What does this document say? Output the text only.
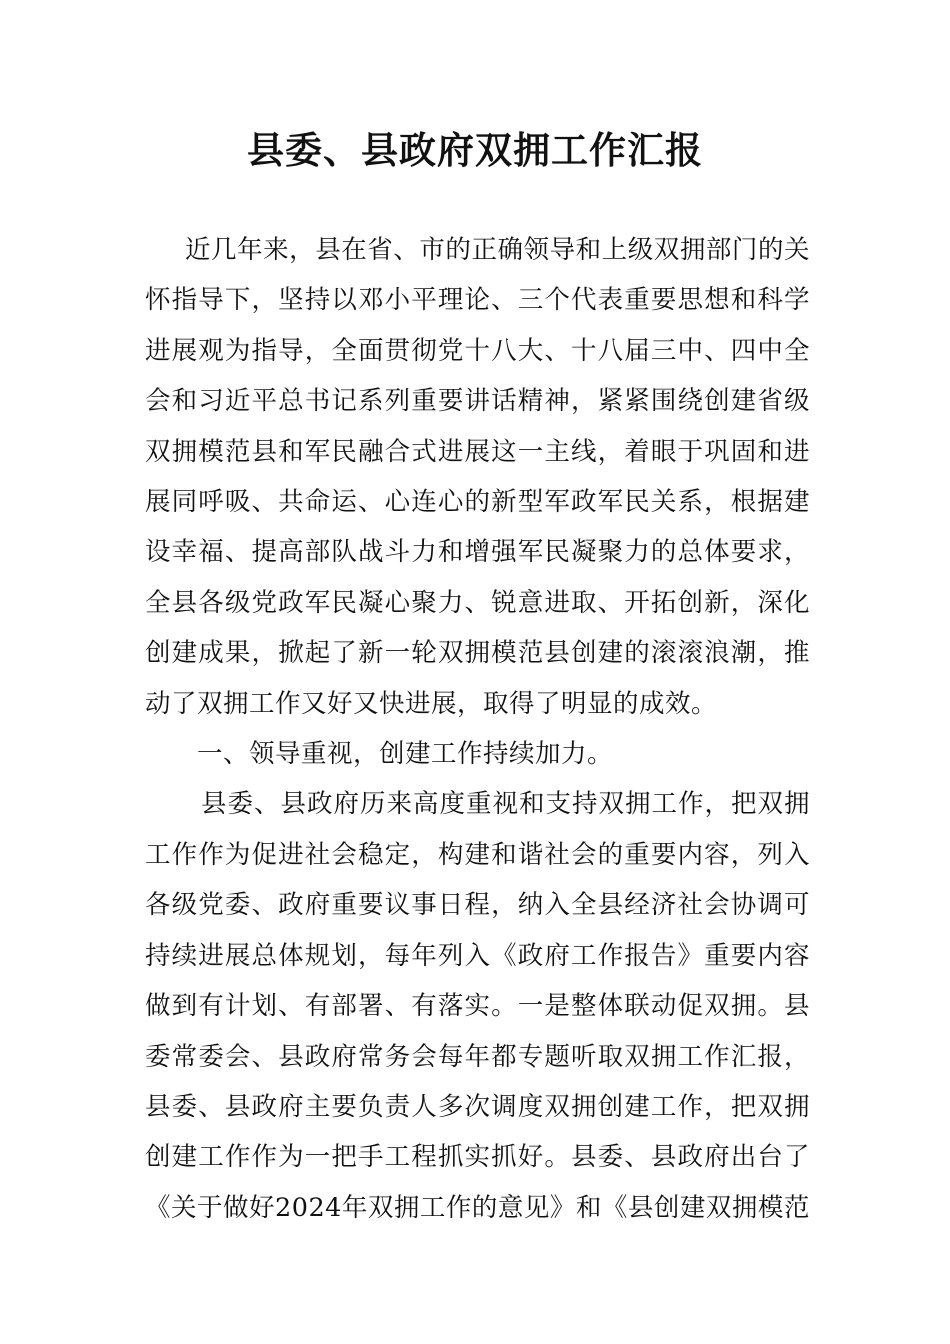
县委、县政府双拥工作汇报

近几年来，县在省、市的正确领导和上级双拥部门的关怀指导下，坚持以邓小平理论、三个代表重要思想和科学进展观为指导，全面贯彻党十八大、十八届三中、四中全会和习近平总书记系列重要讲话精神，紧紧围绕创建省级双拥模范县和军民融合式进展这一主线，着眼于巩固和进展同呼吸、共命运、心连心的新型军政军民关系，根据建设幸福、提高部队战斗力和增强军民凝聚力的总体要求，全县各级党政军民凝心聚力、锐意进取、开拓创新，深化创建成果，掀起了新一轮双拥模范县创建的滚滚浪潮，推动了双拥工作又好又快进展，取得了明显的成效。

一、领导重视，创建工作持续加力。

县委、县政府历来高度重视和支持双拥工作，把双拥工作作为促进社会稳定，构建和谐社会的重要内容，列入各级党委、政府重要议事日程，纳入全县经济社会协调可持续进展总体规划，每年列入《政府工作报告》重要内容做到有计划、有部署、有落实。一是整体联动促双拥。县委常委会、县政府常务会每年都专题听取双拥工作汇报，县委、县政府主要负责人多次调度双拥创建工作，把双拥创建工作作为一把手工程抓实抓好。县委、县政府出台了《关于做好2024年双拥工作的意见》和《县创建双拥模范
